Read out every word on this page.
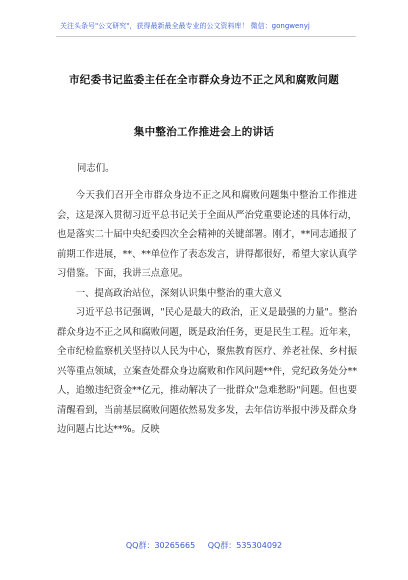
关注头条号"公文研究"，获得最新最全最专业的公文资料库！ 微信：gongwenyj
市纪委书记监委主任在全市群众身边不正之风和腐败问题
集中整治工作推进会上的讲话
同志们。

今天我们召开全市群众身边不正之风和腐败问题集中整治工作推进会，这是深入贯彻习近平总书记关于全面从严治党重要论述的具体行动，也是落实二十届中央纪委四次全会精神的关键部署。刚才，**同志通报了前期工作进展，**、**单位作了表态发言，讲得都很好，希望大家认真学习借鉴。下面，我讲三点意见。

一、提高政治站位，深刻认识集中整治的重大意义

习近平总书记强调，"民心是最大的政治，正义是最强的力量"。整治群众身边不正之风和腐败问题，既是政治任务，更是民生工程。近年来，全市纪检监察机关坚持以人民为中心，聚焦教育医疗、养老社保、乡村振兴等重点领域，立案查处群众身边腐败和作风问题**件，党纪政务处分**人，追缴违纪资金**亿元，推动解决了一批群众"急难愁盼"问题。但也要清醒看到，当前基层腐败问题依然易发多发，去年信访举报中涉及群众身边问题占比达**%。反映

QQ群：30265665 QQ群：535304092
